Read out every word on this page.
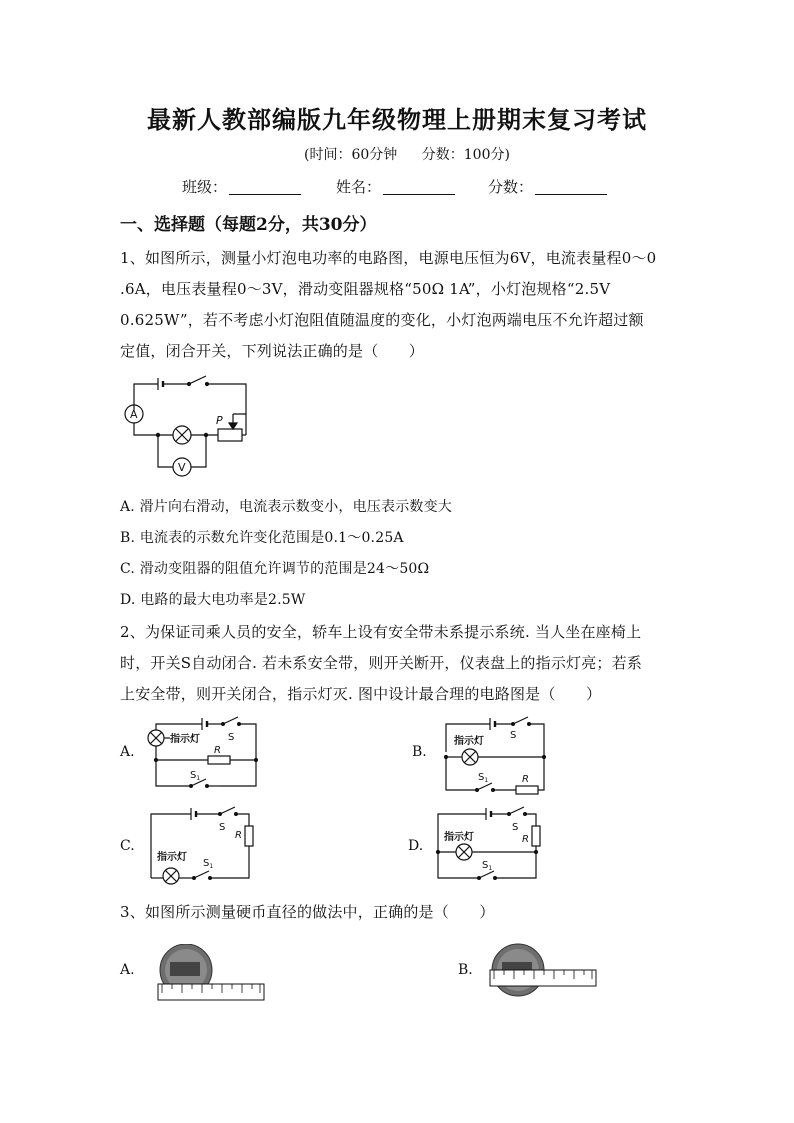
最新人教部编版九年级物理上册期末复习考试
(时间：60分钟 分数：100分)
班级：	姓名：	分数：
一、选择题（每题2分，共30分）
1、如图所示，测量小灯泡电功率的电路图，电源电压恒为6V，电流表量程0～0
.6A，电压表量程0～3V，滑动变阻器规格“50Ω 1A”，小灯泡规格“2.5V
0.625W”，若不考虑小灯泡阻值随温度的变化，小灯泡两端电压不允许超过额
定值，闭合开关，下列说法正确的是（　　）
A	P
V
A. 滑片向右滑动，电流表示数变小，电压表示数变大
B. 电流表的示数允许变化范围是0.1～0.25A
C. 滑动变阻器的阻值允许调节的范围是24～50Ω
D. 电路的最大电功率是2.5W
2、为保证司乘人员的安全，轿车上设有安全带未系提示系统. 当人坐在座椅上
时，开关S自动闭合. 若未系安全带，则开关断开，仪表盘上的指示灯亮；若系
上安全带，则开关闭合，指示灯灭. 图中设计最合理的电路图是（　　）
A.
指示灯	S
R
$S_1$
B.
S
指示灯
R
$S_1$
C.
S
R
指示灯
$S_1$
D.
S
R
指示灯
$S_1$
3、如图所示测量硬币直径的做法中，正确的是（　　）
A.	B.
